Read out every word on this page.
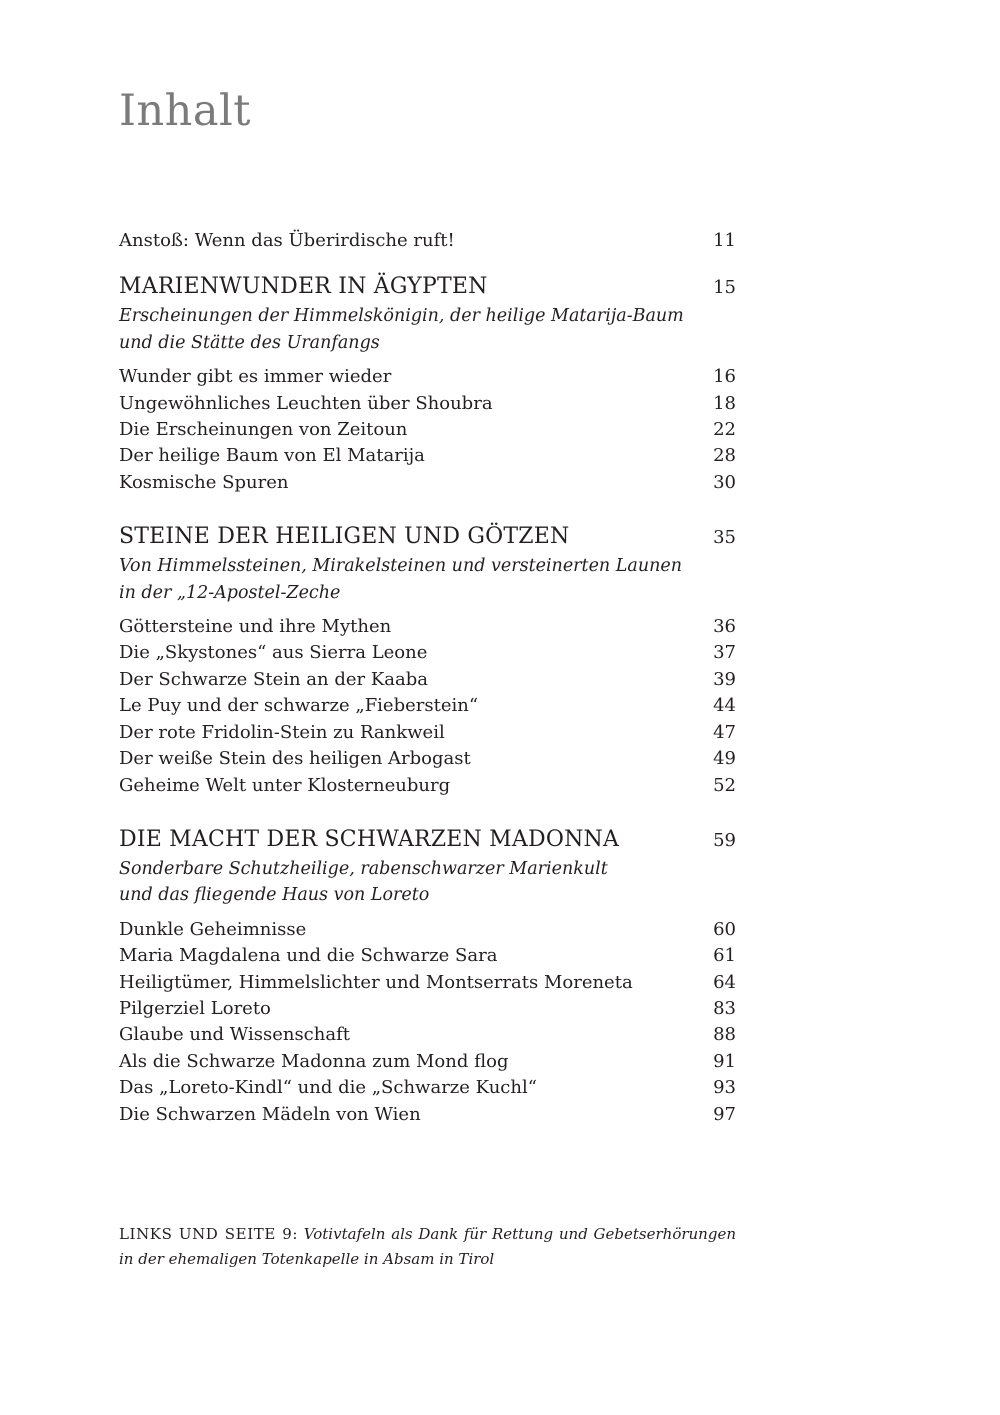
Inhalt
Anstoß: Wenn das Überirdische ruft!	11
MARIENWUNDER IN ÄGYPTEN	15
Erscheinungen der Himmelskönigin, der heilige Matarija-Baum
und die Stätte des Uranfangs
Wunder gibt es immer wieder	16
Ungewöhnliches Leuchten über Shoubra	18
Die Erscheinungen von Zeitoun	22
Der heilige Baum von El Matarija	28
Kosmische Spuren	30
STEINE DER HEILIGEN UND GÖTZEN	35
Von Himmelssteinen, Mirakelsteinen und versteinerten Launen
in der „12-Apostel-Zeche
Göttersteine und ihre Mythen	36
Die „Skystones“ aus Sierra Leone	37
Der Schwarze Stein an der Kaaba	39
Le Puy und der schwarze „Fieberstein“	44
Der rote Fridolin-Stein zu Rankweil	47
Der weiße Stein des heiligen Arbogast	49
Geheime Welt unter Klosterneuburg	52
DIE MACHT DER SCHWARZEN MADONNA	59
Sonderbare Schutzheilige, rabenschwarzer Marienkult
und das fliegende Haus von Loreto
Dunkle Geheimnisse	60
Maria Magdalena und die Schwarze Sara	61
Heiligtümer, Himmelslichter und Montserrats Moreneta	64
Pilgerziel Loreto	83
Glaube und Wissenschaft	88
Als die Schwarze Madonna zum Mond flog	91
Das „Loreto-Kindl“ und die „Schwarze Kuchl“	93
Die Schwarzen Mädeln von Wien	97
LINKS UND SEITE 9: Votivtafeln als Dank für Rettung und Gebetserhörungen in der ehemaligen Totenkapelle in Absam in Tirol
